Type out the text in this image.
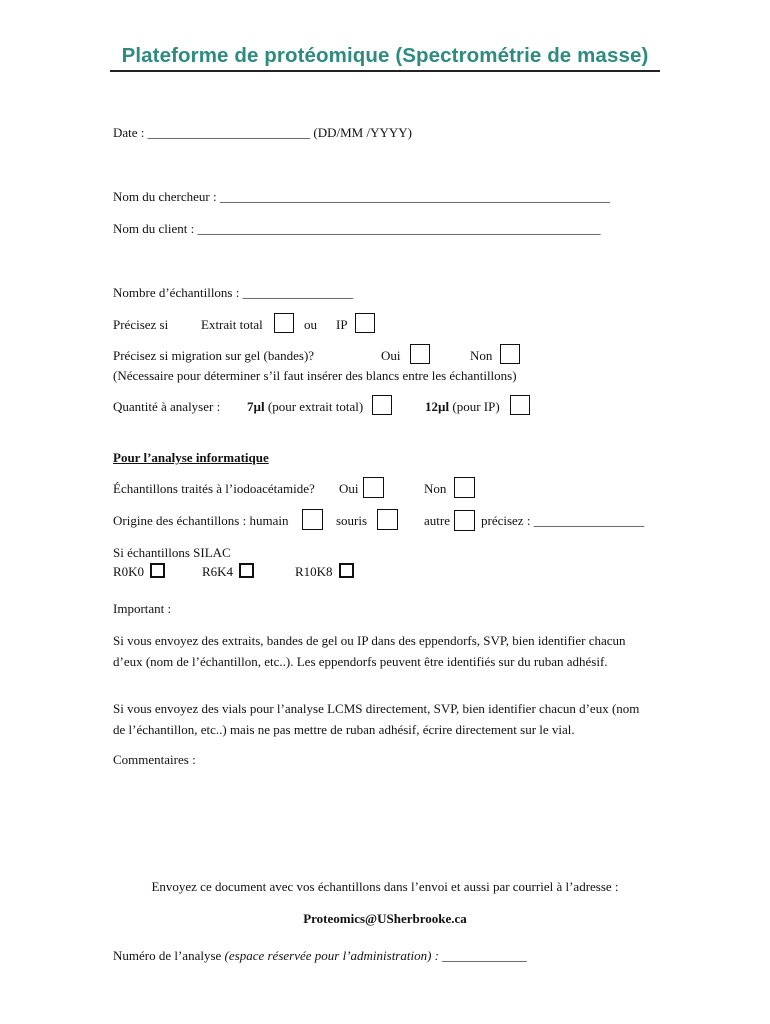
Plateforme de protéomique (Spectrométrie de masse)
Date : _________________________ (DD/MM /YYYY)
Nom du chercheur : ____________________________________________________________
Nom du client : ______________________________________________________________
Nombre d’échantillons : _________________
Précisez si	Extrait total	ou IP
Précisez si migration sur gel (bandes)?	Oui	Non
(Nécessaire pour déterminer s’il faut insérer des blancs entre les échantillons)
Quantité à analyser : 7µl (pour extrait total)	12µl (pour IP)
Pour l’analyse informatique
Échantillons traités à l’iodoacétamide? Oui	Non
Origine des échantillons : humain	souris	autre précisez : _________________
Si échantillons SILAC
R0K0	R6K4	R10K8
Important :
Si vous envoyez des extraits, bandes de gel ou IP dans des eppendorfs, SVP, bien identifier chacun d’eux (nom de l’échantillon, etc..). Les eppendorfs peuvent être identifiés sur du ruban adhésif.
Si vous envoyez des vials pour l’analyse LCMS directement, SVP, bien identifier chacun d’eux (nom de l’échantillon, etc..) mais ne pas mettre de ruban adhésif, écrire directement sur le vial.
Commentaires :
Envoyez ce document avec vos échantillons dans l’envoi et aussi par courriel à l’adresse :
Proteomics@USherbrooke.ca
Numéro de l’analyse (espace réservée pour l’administration) : _____________
